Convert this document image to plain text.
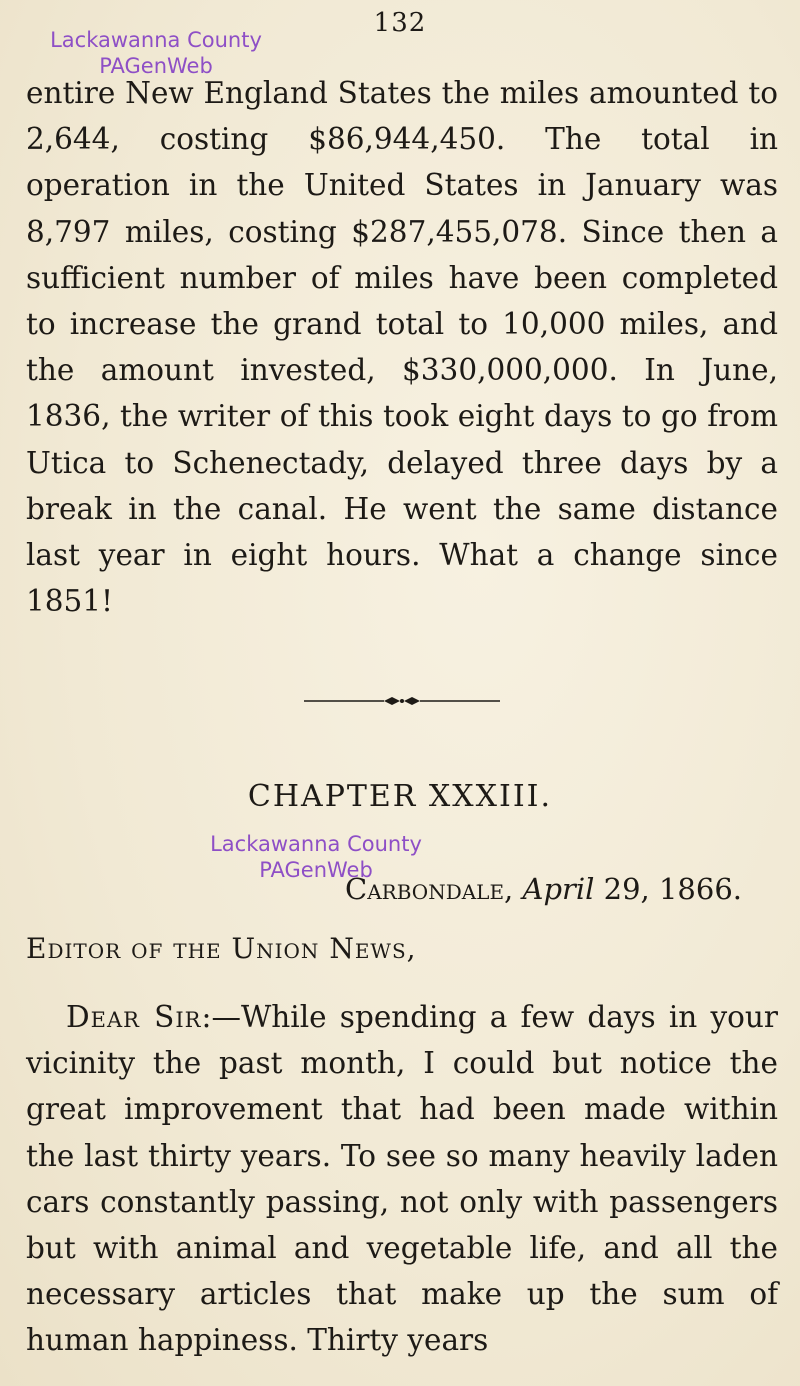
132
Lackawanna County
PAGenWeb
entire New England States the miles amounted to 2,644, costing $86,944,450. The total in operation in the United States in January was 8,797 miles, costing $287,455,078. Since then a sufficient number of miles have been completed to increase the grand total to 10,000 miles, and the amount invested, $330,000,000. In June, 1836, the writer of this took eight days to go from Utica to Schenectady, delayed three days by a break in the canal. He went the same distance last year in eight hours. What a change since 1851!
CHAPTER XXXIII.
Lackawanna County
PAGenWeb
Carbondale, April 29, 1866.
Editor of the Union News,
Dear Sir:—While spending a few days in your vicinity the past month, I could but notice the great improvement that had been made within the last thirty years. To see so many heavily laden cars constantly passing, not only with passengers but with animal and vegetable life, and all the necessary articles that make up the sum of human happiness. Thirty years
